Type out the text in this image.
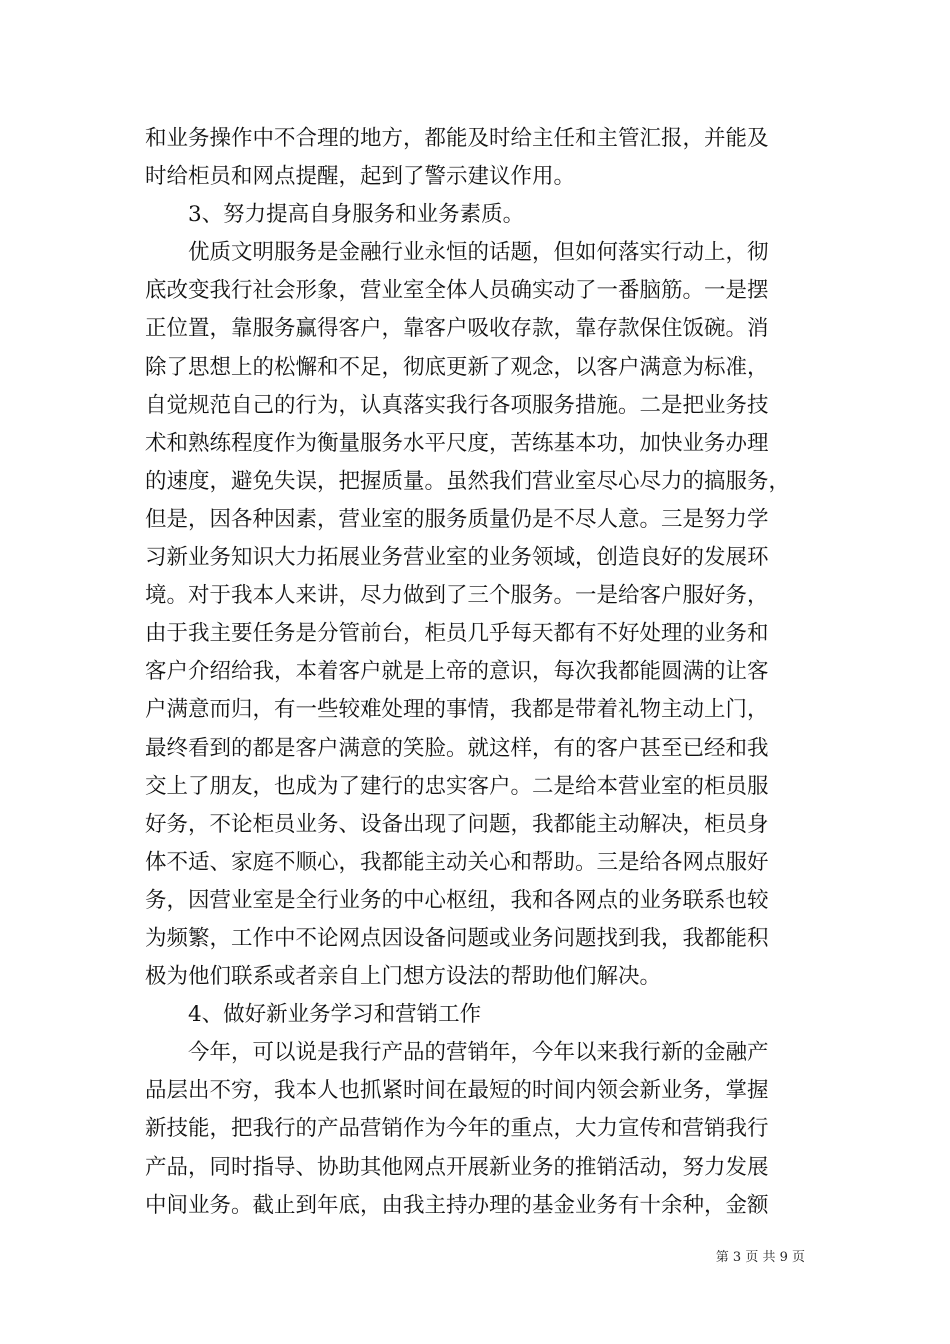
和业务操作中不合理的地方，都能及时给主任和主管汇报，并能及
时给柜员和网点提醒，起到了警示建议作用。
3、努力提高自身服务和业务素质。
优质文明服务是金融行业永恒的话题，但如何落实行动上，彻
底改变我行社会形象，营业室全体人员确实动了一番脑筋。一是摆
正位置，靠服务赢得客户，靠客户吸收存款，靠存款保住饭碗。消
除了思想上的松懈和不足，彻底更新了观念，以客户满意为标准，
自觉规范自己的行为，认真落实我行各项服务措施。二是把业务技
术和熟练程度作为衡量服务水平尺度，苦练基本功，加快业务办理
的速度，避免失误，把握质量。虽然我们营业室尽心尽力的搞服务，
但是，因各种因素，营业室的服务质量仍是不尽人意。三是努力学
习新业务知识大力拓展业务营业室的业务领域，创造良好的发展环
境。对于我本人来讲，尽力做到了三个服务。一是给客户服好务，
由于我主要任务是分管前台，柜员几乎每天都有不好处理的业务和
客户介绍给我，本着客户就是上帝的意识，每次我都能圆满的让客
户满意而归，有一些较难处理的事情，我都是带着礼物主动上门，
最终看到的都是客户满意的笑脸。就这样，有的客户甚至已经和我
交上了朋友，也成为了建行的忠实客户。二是给本营业室的柜员服
好务，不论柜员业务、设备出现了问题，我都能主动解决，柜员身
体不适、家庭不顺心，我都能主动关心和帮助。三是给各网点服好
务，因营业室是全行业务的中心枢纽，我和各网点的业务联系也较
为频繁，工作中不论网点因设备问题或业务问题找到我，我都能积
极为他们联系或者亲自上门想方设法的帮助他们解决。
4、做好新业务学习和营销工作
今年，可以说是我行产品的营销年，今年以来我行新的金融产
品层出不穷，我本人也抓紧时间在最短的时间内领会新业务，掌握
新技能，把我行的产品营销作为今年的重点，大力宣传和营销我行
产品，同时指导、协助其他网点开展新业务的推销活动，努力发展
中间业务。截止到年底，由我主持办理的基金业务有十余种，金额
第 3 页 共 9 页
